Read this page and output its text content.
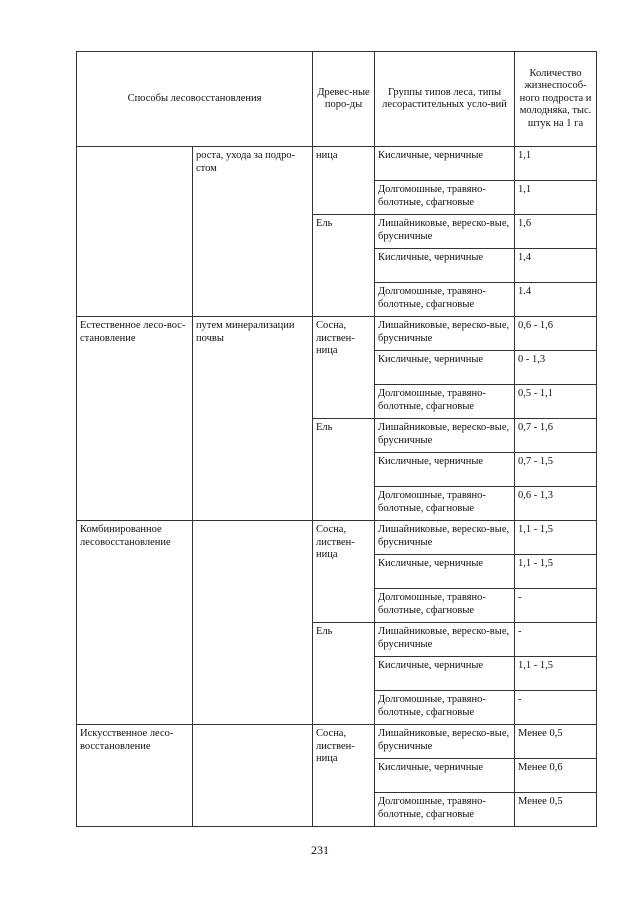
Способы лесовосстановления		Древес-ные поро-ды	Группы типов леса, типы лесорастительных усло-вий	Количество жизнеспособ-ного подроста и молодняка, тыс. штук на 1 га
	роста, ухода за подро-стом	ница	Кисличные, черничные	1,1
			Долгомошные, травяно-болотные, сфагновые	1,1
		Ель	Лишайниковые, вереско-вые, брусничные	1,6
			Кисличные, черничные	1,4
			Долгомошные, травяно-болотные, сфагновые	1.4
Естественное лесо-вос-становление	путем минерализации почвы	Сосна, листвен-ница	Лишайниковые, вереско-вые, брусничные	0,6 - 1,6
			Кисличные, черничные	0 - 1,3
			Долгомошные, травяно-болотные, сфагновые	0,5 - 1,1
		Ель	Лишайниковые, вереско-вые, брусничные	0,7 - 1,6
			Кисличные, черничные	0,7 - 1,5
			Долгомошные, травяно-болотные, сфагновые	0,6 - 1,3
Комбинированное лесовосстановление		Сосна, листвен-ница	Лишайниковые, вереско-вые, брусничные	1,1 - 1,5
			Кисличные, черничные	1,1 - 1,5
			Долгомошные, травяно-болотные, сфагновые	-
		Ель	Лишайниковые, вереско-вые, брусничные	-
			Кисличные, черничные	1,1 - 1,5
			Долгомошные, травяно-болотные, сфагновые	-
Искусственное лесо-восстановление		Сосна, листвен-ница	Лишайниковые, вереско-вые, брусничные	Менее 0,5
			Кисличные, черничные	Менее 0,6
			Долгомошные, травяно-болотные, сфагновые	Менее 0,5
231
